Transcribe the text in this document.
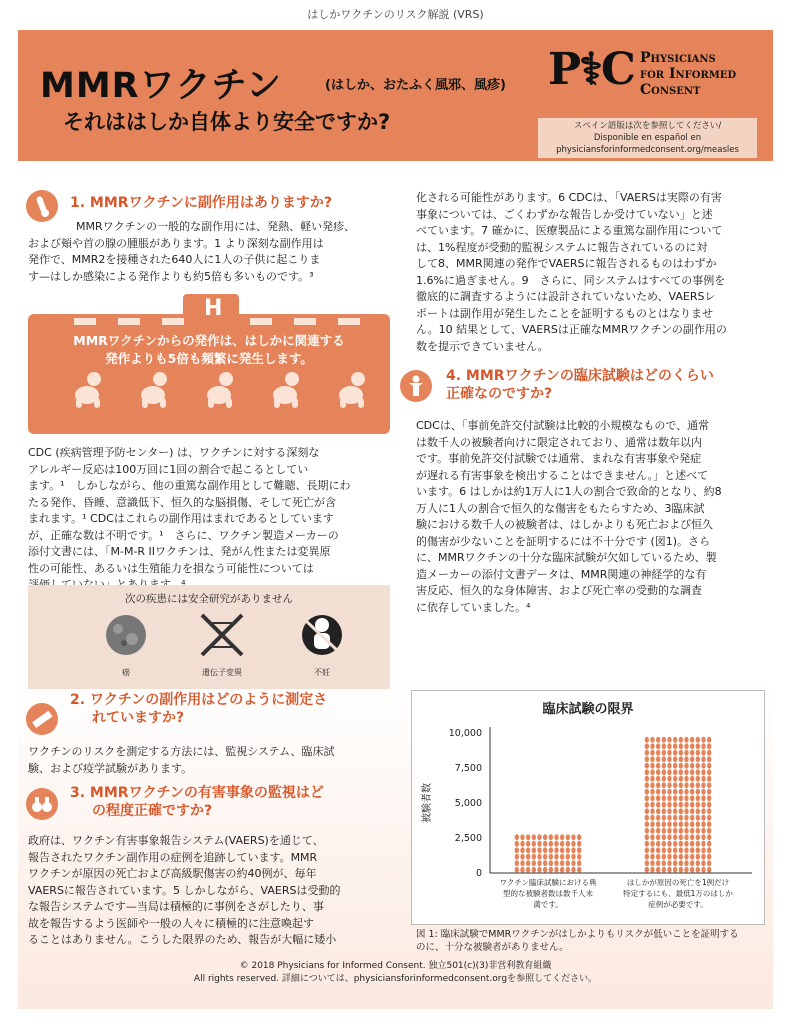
はしかワクチンのリスク解説 (VRS)
MMRワクチン	(はしか、おたふく風邪、風疹)
それははしか自体より安全ですか?
P⚕C Physicians
for Informed
Consent
スペイン語版は次を参照してください/
Disponible en español en
physiciansforinformedconsent.org/measles
1. MMRワクチンに副作用はありますか?
MMRワクチンの一般的な副作用には、発熱、軽い発疹、
および頬や首の腺の腫脹があります。1 より深刻な副作用は
発作で、MMR2を接種された640人に1人の子供に起こりま
す—はしか感染による発作よりも約5倍も多いものです。³
H
MMRワクチンからの発作は、はしかに関連する
発作よりも5倍も頻繁に発生します。
CDC (疾病管理予防センター) は、ワクチンに対する深刻な
アレルギー反応は100万回に1回の割合で起こるとしてい
ます。¹　しかしながら、他の重篤な副作用として難聴、長期にわ
たる発作、昏睡、意識低下、恒久的な脳損傷、そして死亡が含
まれます。¹ CDCはこれらの副作用はまれであるとしています
が、正確な数は不明です。¹　さらに、ワクチン製造メーカーの
添付文書には、「M-M-R IIワクチンは、発がん性または変異原
性の可能性、あるいは生殖能力を損なう可能性については
次の疾患には安全研究がありません
癌	遺伝子変異	不妊
2. ワクチンの副作用はどのように測定さ
れていますか?
ワクチンのリスクを測定する方法には、監視システム、臨床試
験、および疫学試験があります。
3. MMRワクチンの有害事象の監視はど
の程度正確ですか?
政府は、ワクチン有害事象報告システム(VAERS)を通じて、
報告されたワクチン副作用の症例を追跡しています。MMR
ワクチンが原因の死亡および高級駅傷害の約40例が、毎年
VAERSに報告されています。5 しかしながら、VAERSは受動的
な報告システムです—当局は積極的に事例をさがしたり、事
故を報告するよう医師や一般の人々に積極的に注意喚起す
ることはありません。こうした限界のため、報告が大幅に矮小
化される可能性があります。6 CDCは、「VAERSは実際の有害
事象については、ごくわずかな報告しか受けていない」と述
べています。7 確かに、医療製品による重篤な副作用について
は、1%程度が受動的監視システムに報告されているのに対
して8、MMR関連の発作でVAERSに報告されるものはわずか
1.6%に過ぎません。9　さらに、同システムはすべての事例を
徹底的に調査するようには設計されていないため、VAERSレ
ポートは副作用が発生したことを証明するものとはなりませ
ん。10 結果として、VAERSは正確なMMRワクチンの副作用の
数を提示できていません。
4. MMRワクチンの臨床試験はどのくらい
正確なのですか?
CDCは、「事前免許交付試験は比較的小規模なもので、通常
は数千人の被験者向けに限定されており、通常は数年以内
です。事前免許交付試験では通常、まれな有害事象や発症
が遅れる有害事象を検出することはできません。」と述べて
います。6 はしかは約1万人に1人の割合で致命的となり、約8
万人に1人の割合で恒久的な傷害をもたらすため、3臨床試
験における数千人の被験者は、はしかよりも死亡および恒久
的傷害が少ないことを証明するには不十分です (図1)。さら
に、MMRワクチンの十分な臨床試験が欠如しているため、製
造メーカーの添付文書データは、MMR関連の神経学的な有
害反応、恒久的な身体障害、および死亡率の受動的な調査
に依存していました。⁴
臨床試験の限界
0
2,500
5,000
7,500
10,000
被験者数
ワクチン臨床試験における典
型的な被験者数は数千人未
満です。
はしかが原因の死亡を1例だけ
特定するにも、最低1万のはしか
症例が必要です。
図 1: 臨床試験でMMRワクチンがはしかよりもリスクが低いことを証明する
のに、十分な被験者がありません。
© 2018 Physicians for Informed Consent. 独立501(c)(3)非営利教育組織
All rights reserved. 詳細については、physiciansforinformedconsent.orgを参照してください。
